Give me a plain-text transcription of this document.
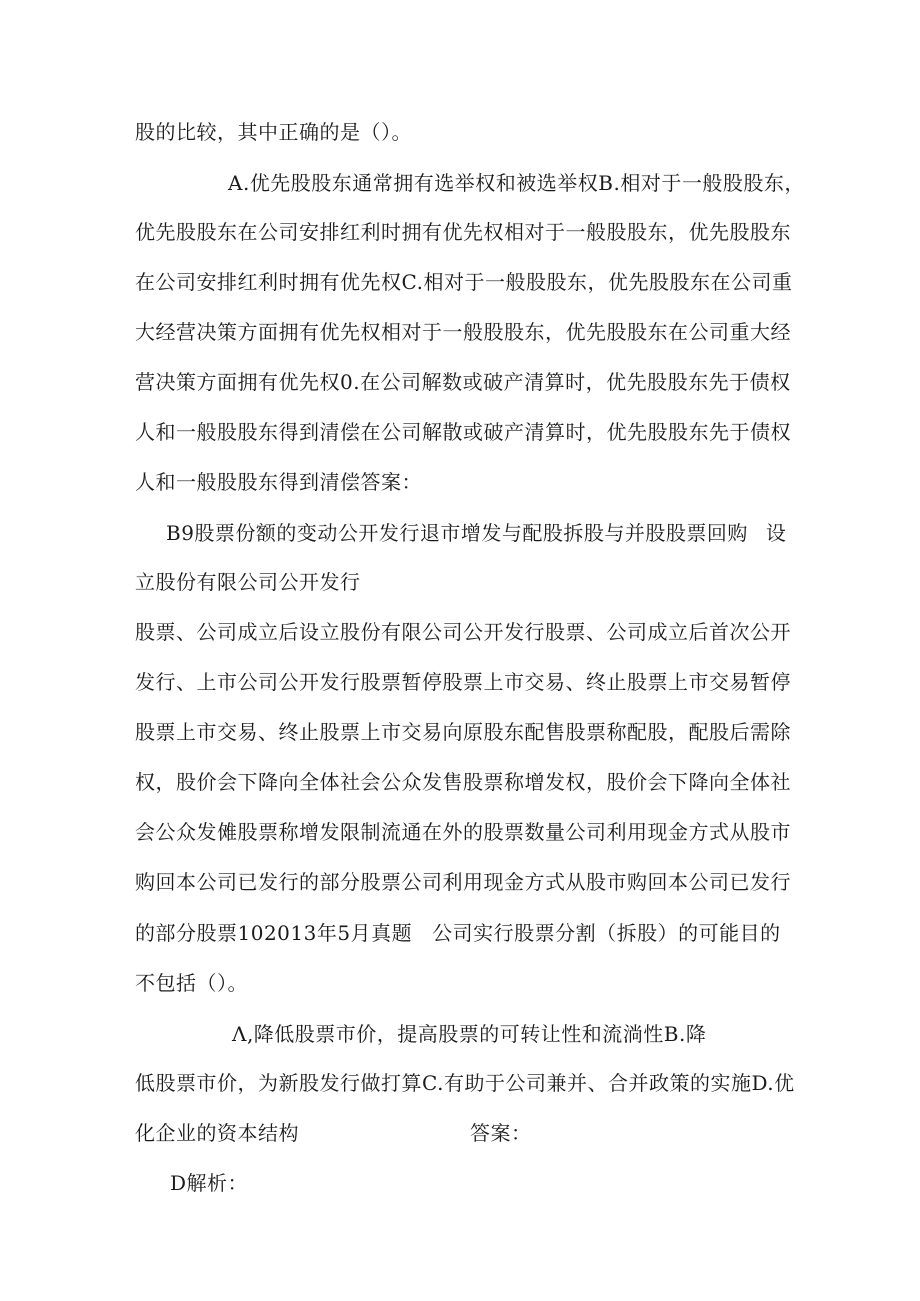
股的比较，其中正确的是（）。
A.优先股股东通常拥有选举权和被选举权B.相对于一般股股东，
优先股股东在公司安排红利时拥有优先权相对于一般股股东，优先股股东
在公司安排红利时拥有优先权C.相对于一般股股东，优先股股东在公司重
大经营决策方面拥有优先权相对于一般股股东，优先股股东在公司重大经
营决策方面拥有优先权0.在公司解数或破产清算时，优先股股东先于债权
人和一般股股东得到清偿在公司解散或破产清算时，优先股股东先于债权
人和一般股股东得到清偿答案：
B9股票份额的变动公开发行退市增发与配股拆股与并股股票回购 设
立股份有限公司公开发行
股票、公司成立后设立股份有限公司公开发行股票、公司成立后首次公开
发行、上市公司公开发行股票暂停股票上市交易、终止股票上市交易暂停
股票上市交易、终止股票上市交易向原股东配售股票称配股，配股后需除
权，股价会下降向全体社会公众发售股票称增发权，股价会下降向全体社
会公众发傩股票称增发限制流通在外的股票数量公司利用现金方式从股市
购回本公司已发行的部分股票公司利用现金方式从股市购回本公司已发行
的部分股票102013年5月真题 公司实行股票分割（拆股）的可能目的
不包括（）。
Λ,降低股票市价，提高股票的可转让性和流淌性B.降
低股票市价，为新股发行做打算C.有助于公司兼并、合并政策的实施D.优
化企业的资本结构	答案：
D解析：
